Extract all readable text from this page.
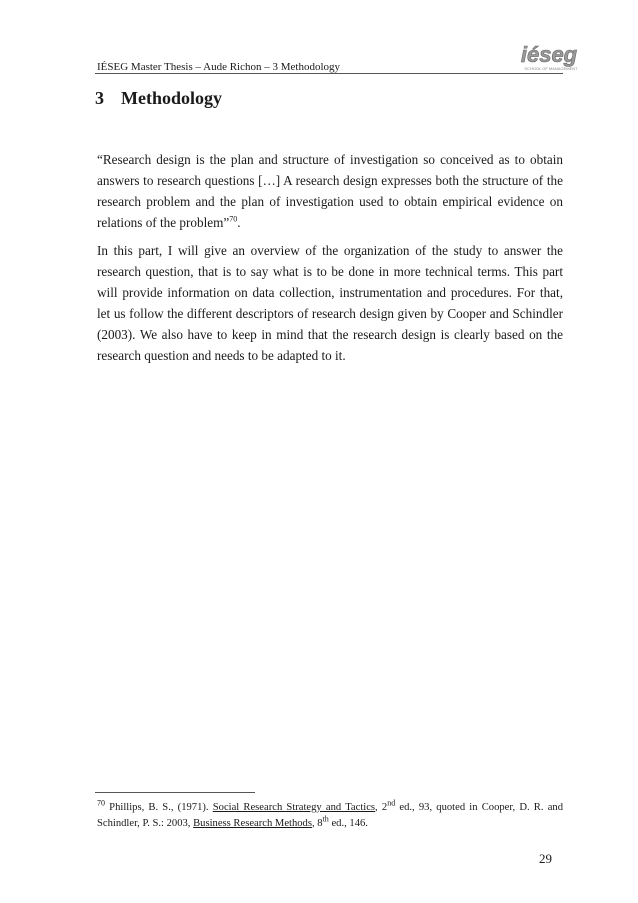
IÉSEG Master Thesis – Aude Richon – 3 Methodology	iéseg
SCHOOL OF MANAGEMENT
3 Methodology

“Research design is the plan and structure of investigation so conceived as to obtain answers to research questions […] A research design expresses both the structure of the research problem and the plan of investigation used to obtain empirical evidence on relations of the problem”$^{70}$.

In this part, I will give an overview of the organization of the study to answer the research question, that is to say what is to be done in more technical terms. This part will provide information on data collection, instrumentation and procedures. For that, let us follow the different descriptors of research design given by Cooper and Schindler (2003). We also have to keep in mind that the research design is clearly based on the research question and needs to be adapted to it.

$^{70}$ Phillips, B. S., (1971). Social Research Strategy and Tactics, 2nd ed., 93, quoted in Cooper, D. R. and Schindler, P. S.: 2003, Business Research Methods, 8th ed., 146.

29
